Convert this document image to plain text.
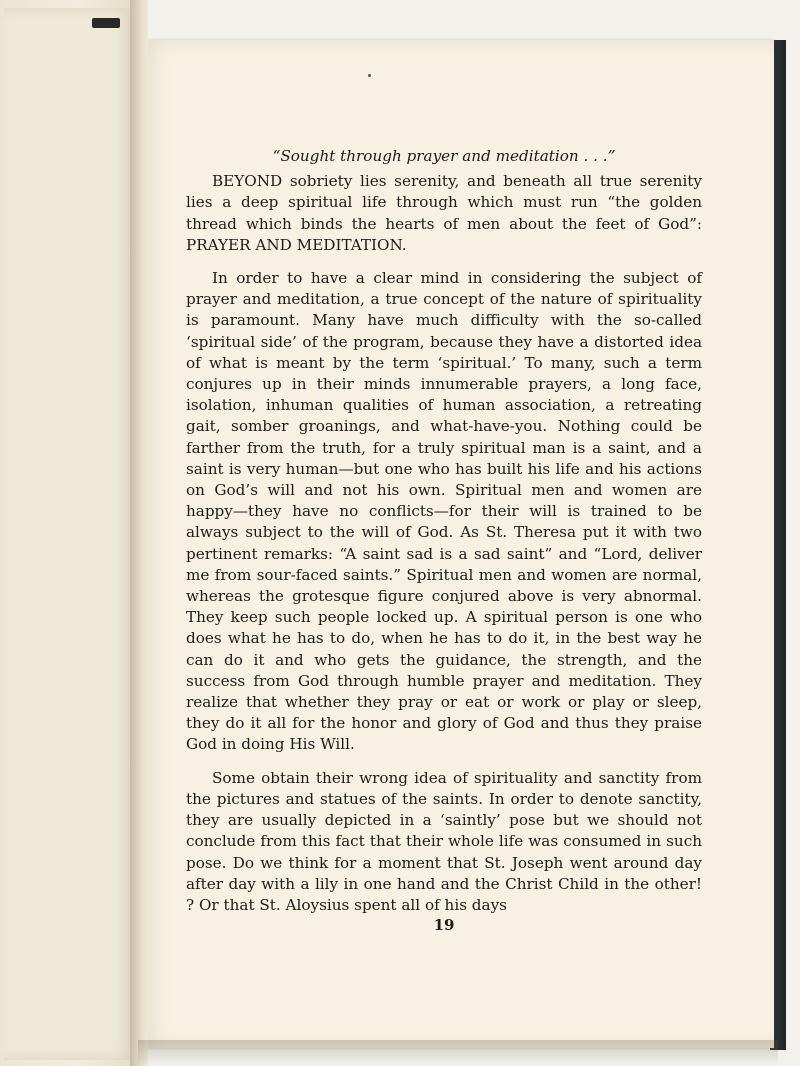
“Sought through prayer and meditation . . .”

BEYOND sobriety lies serenity, and beneath all true serenity lies a deep spiritual life through which must run “the golden thread which binds the hearts of men about the feet of God”: PRAYER AND MEDITATION.

In order to have a clear mind in considering the subject of prayer and meditation, a true concept of the nature of spirituality is paramount. Many have much difficulty with the so-called ‘spiritual side’ of the program, because they have a distorted idea of what is meant by the term ‘spiritual.’ To many, such a term conjures up in their minds innumerable prayers, a long face, isolation, inhuman qualities of human association, a retreating gait, somber groanings, and what-have-you. Nothing could be farther from the truth, for a truly spiritual man is a saint, and a saint is very human—but one who has built his life and his actions on God’s will and not his own. Spiritual men and women are happy—they have no conflicts—for their will is trained to be always subject to the will of God. As St. Theresa put it with two pertinent remarks: “A saint sad is a sad saint” and “Lord, deliver me from sour-faced saints.” Spiritual men and women are normal, whereas the grotesque figure conjured above is very abnormal. They keep such people locked up. A spiritual person is one who does what he has to do, when he has to do it, in the best way he can do it and who gets the guidance, the strength, and the success from God through humble prayer and meditation. They realize that whether they pray or eat or work or play or sleep, they do it all for the honor and glory of God and thus they praise God in doing His Will.

Some obtain their wrong idea of spirituality and sanctity from the pictures and statues of the saints. In order to denote sanctity, they are usually depicted in a ‘saintly’ pose but we should not conclude from this fact that their whole life was consumed in such pose. Do we think for a moment that St. Joseph went around day after day with a lily in one hand and the Christ Child in the other! ? Or that St. Aloysius spent all of his days

19
